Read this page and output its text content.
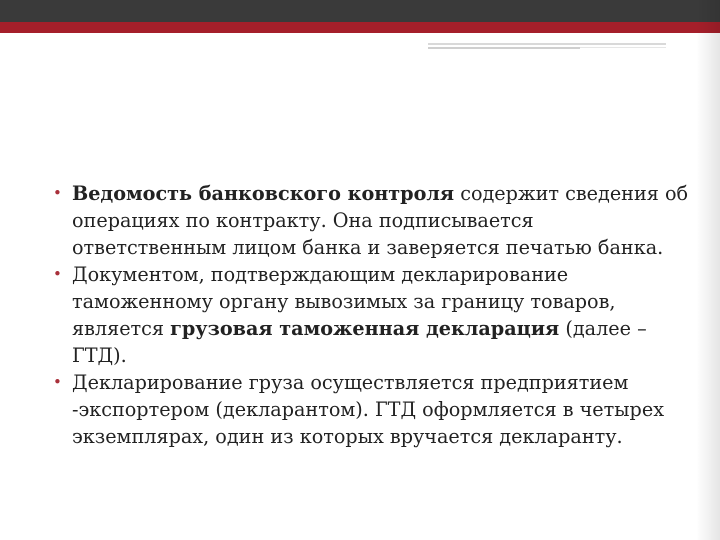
• Ведомость банковского контроля содержит сведения об операциях по контракту. Она подписывается ответственным лицом банка и заверяется печатью банка.
• Документом, подтверждающим декларирование таможенному органу вывозимых за границу товаров, является грузовая таможенная декларация (далее – ГТД).
• Декларирование груза осуществляется предприятием -экспортером (декларантом). ГТД оформляется в четырех экземплярах, один из которых вручается декларанту.
